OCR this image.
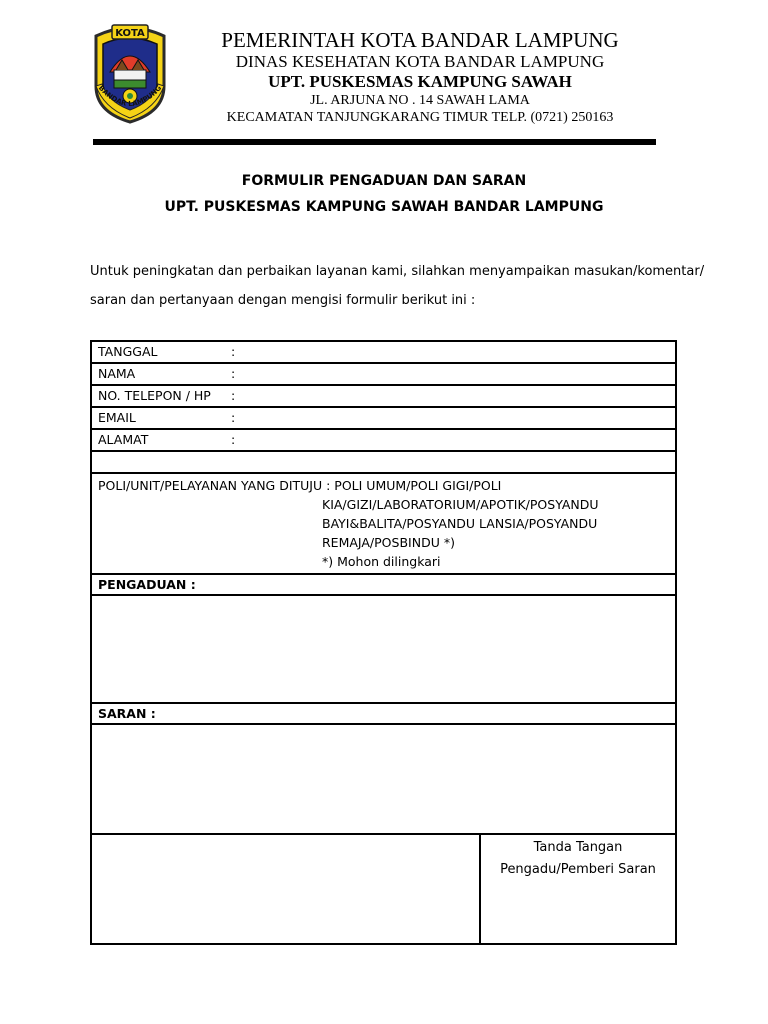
KOTA
BANDAR LAMPUNG
PEMERINTAH KOTA BANDAR LAMPUNG
DINAS KESEHATAN KOTA BANDAR LAMPUNG
UPT. PUSKESMAS KAMPUNG SAWAH
JL. ARJUNA NO . 14 SAWAH LAMA
KECAMATAN TANJUNGKARANG TIMUR TELP. (0721) 250163
FORMULIR PENGADUAN DAN SARAN
UPT. PUSKESMAS KAMPUNG SAWAH BANDAR LAMPUNG
Untuk peningkatan dan perbaikan layanan kami, silahkan menyampaikan masukan/komentar/
saran dan pertanyaan dengan mengisi formulir berikut ini :
TANGGAL	:
NAMA	:
NO. TELEPON / HP :
EMAIL	:
ALAMAT	:

POLI/UNIT/PELAYANAN YANG DITUJU : POLI UMUM/POLI GIGI/POLI
KIA/GIZI/LABORATORIUM/APOTIK/POSYANDU
BAYI&BALITA/POSYANDU LANSIA/POSYANDU
REMAJA/POSBINDU *)
*) Mohon dilingkari

PENGADUAN :

SARAN :

Tanda Tangan
Pengadu/Pemberi Saran
